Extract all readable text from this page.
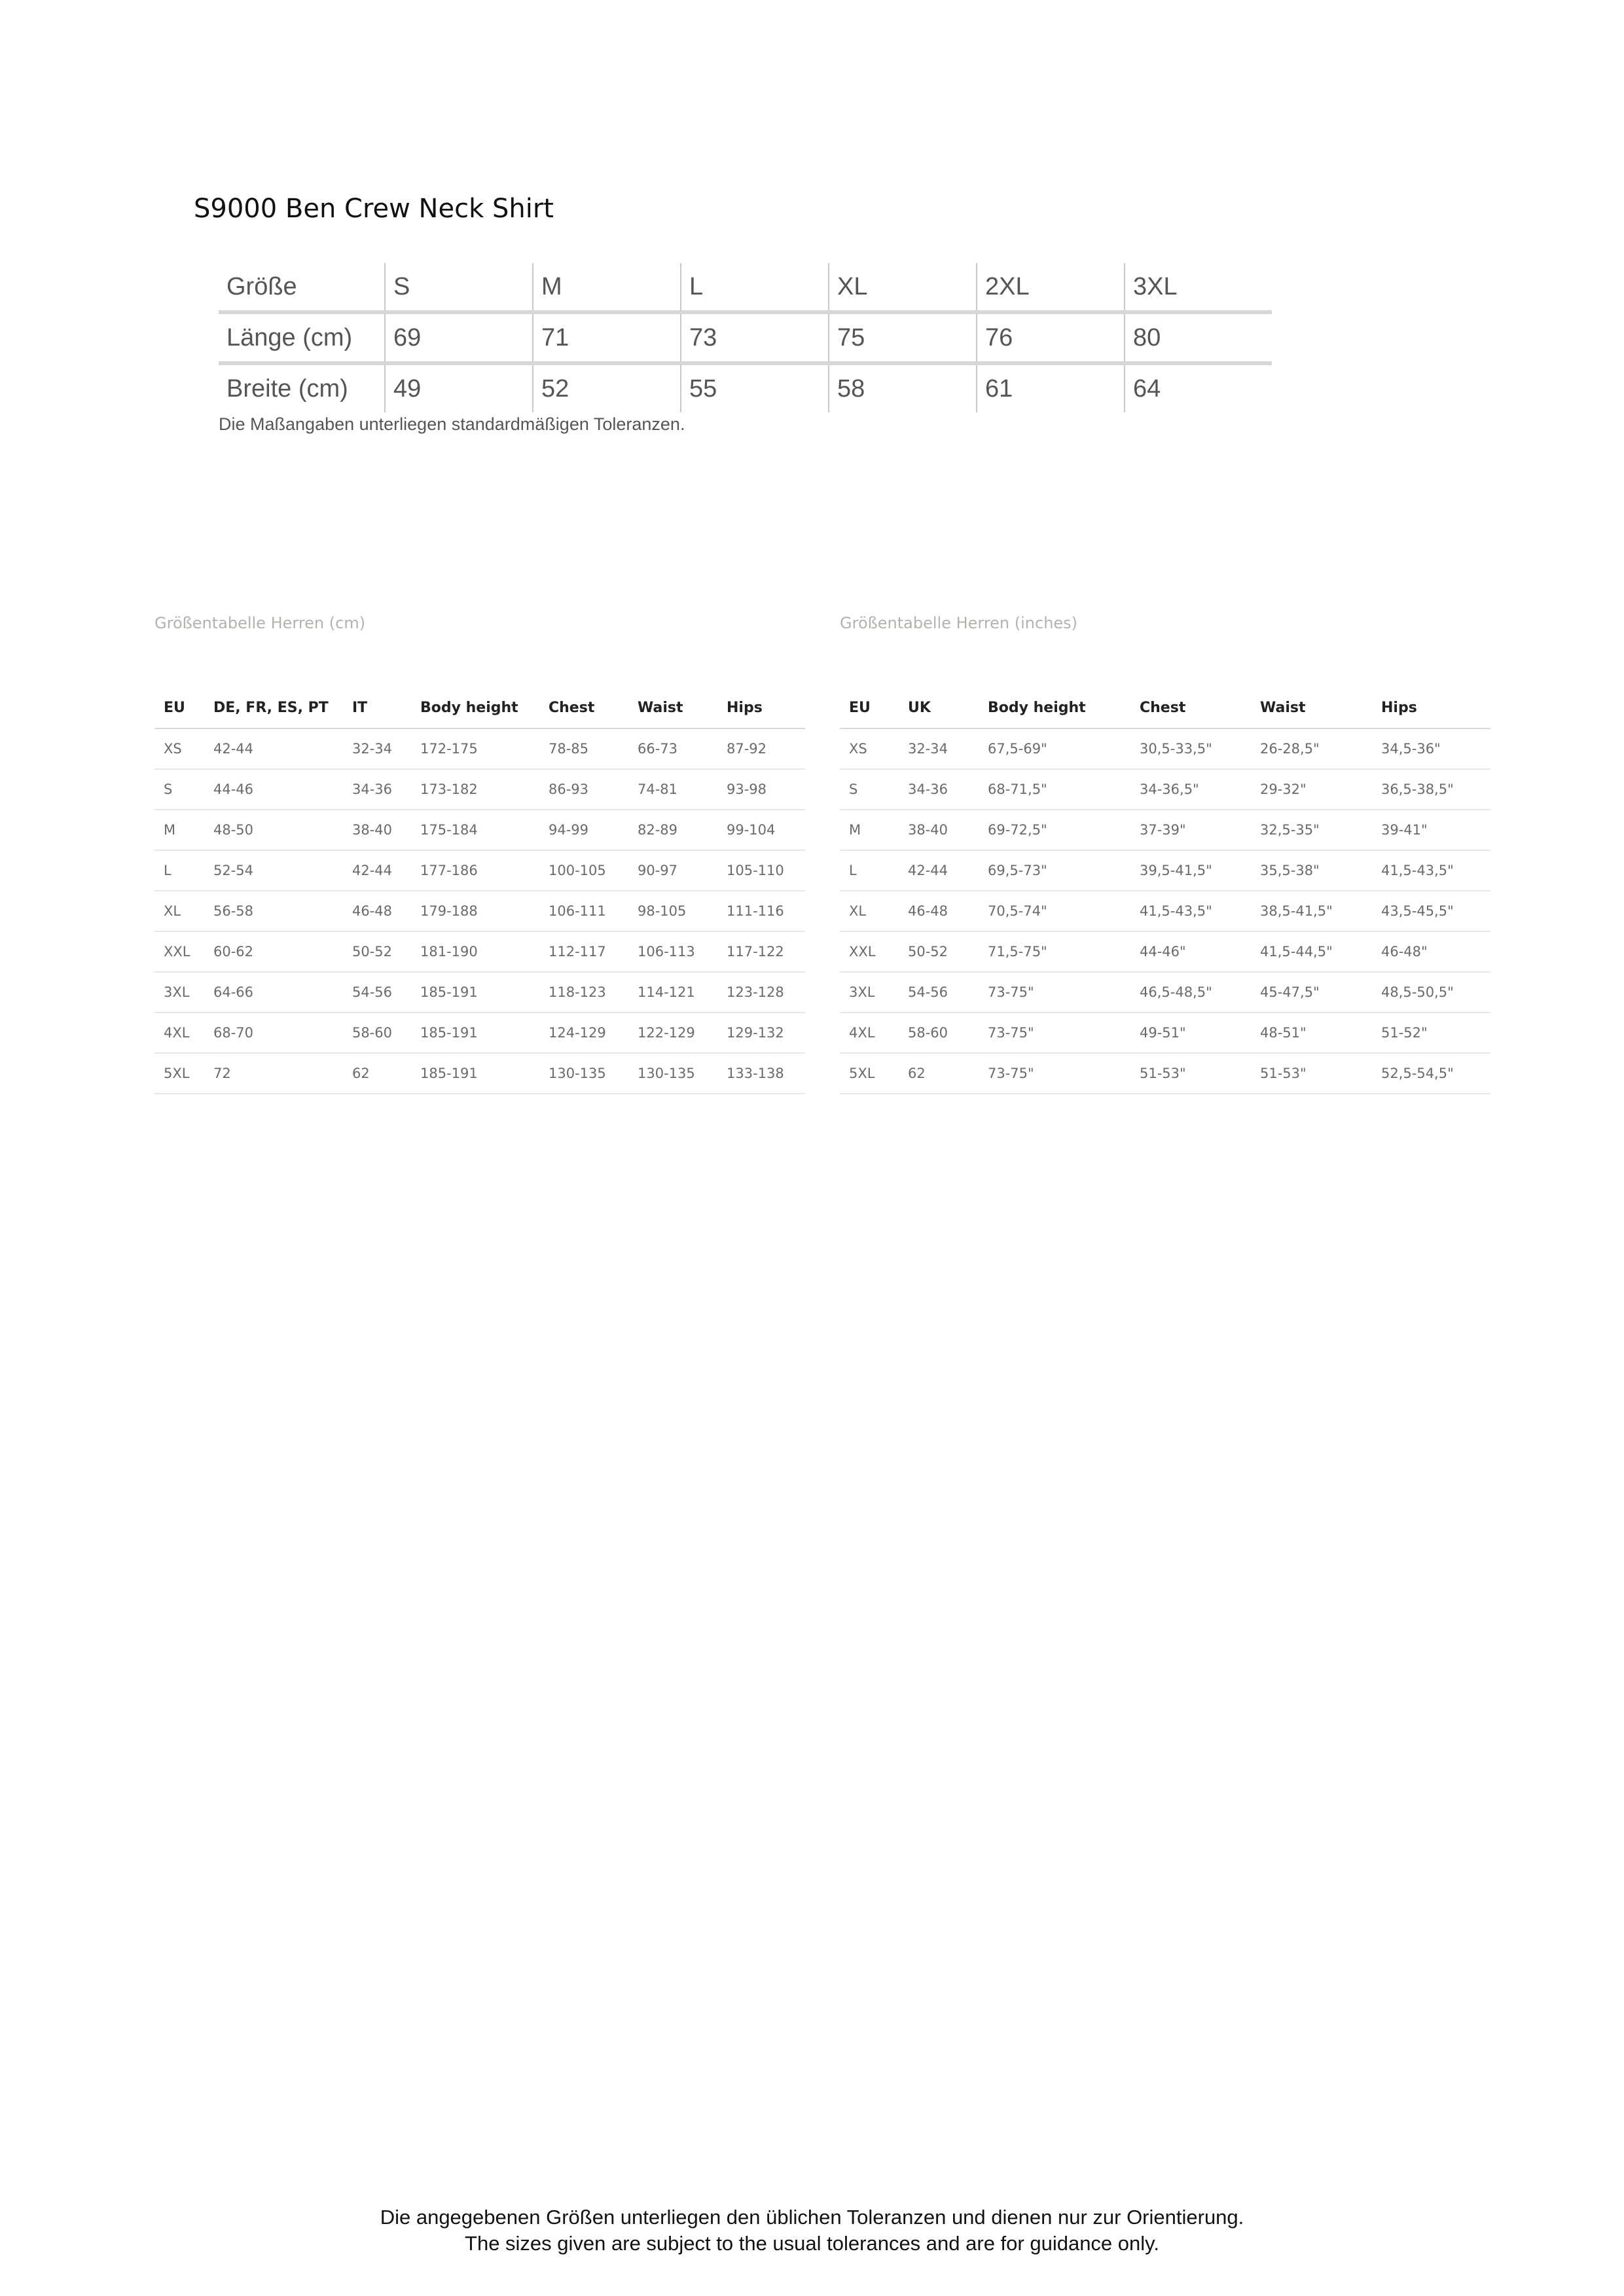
S9000 Ben Crew Neck Shirt
Größe	S	M	L	XL	2XL	3XL
Länge (cm)	69	71	73	75	76	80
Breite (cm)	49	52	55	58	61	64
Die Maßangaben unterliegen standardmäßigen Toleranzen.
Größentabelle Herren (cm)
EU	DE, FR, ES, PT	IT	Body height	Chest	Waist	Hips
XS	42-44	32-34	172-175	78-85	66-73	87-92
S	44-46	34-36	173-182	86-93	74-81	93-98
M	48-50	38-40	175-184	94-99	82-89	99-104
L	52-54	42-44	177-186	100-105	90-97	105-110
XL	56-58	46-48	179-188	106-111	98-105	111-116
XXL	60-62	50-52	181-190	112-117	106-113	117-122
3XL	64-66	54-56	185-191	118-123	114-121	123-128
4XL	68-70	58-60	185-191	124-129	122-129	129-132
5XL	72	62	185-191	130-135	130-135	133-138
Größentabelle Herren (inches)
EU	UK	Body height	Chest	Waist	Hips
XS	32-34	67,5-69"	30,5-33,5"	26-28,5"	34,5-36"
S	34-36	68-71,5"	34-36,5"	29-32"	36,5-38,5"
M	38-40	69-72,5"	37-39"	32,5-35"	39-41"
L	42-44	69,5-73"	39,5-41,5"	35,5-38"	41,5-43,5"
XL	46-48	70,5-74"	41,5-43,5"	38,5-41,5"	43,5-45,5"
XXL	50-52	71,5-75"	44-46"	41,5-44,5"	46-48"
3XL	54-56	73-75"	46,5-48,5"	45-47,5"	48,5-50,5"
4XL	58-60	73-75"	49-51"	48-51"	51-52"
5XL	62	73-75"	51-53"	51-53"	52,5-54,5"
Die angegebenen Größen unterliegen den üblichen Toleranzen und dienen nur zur Orientierung.
The sizes given are subject to the usual tolerances and are for guidance only.
